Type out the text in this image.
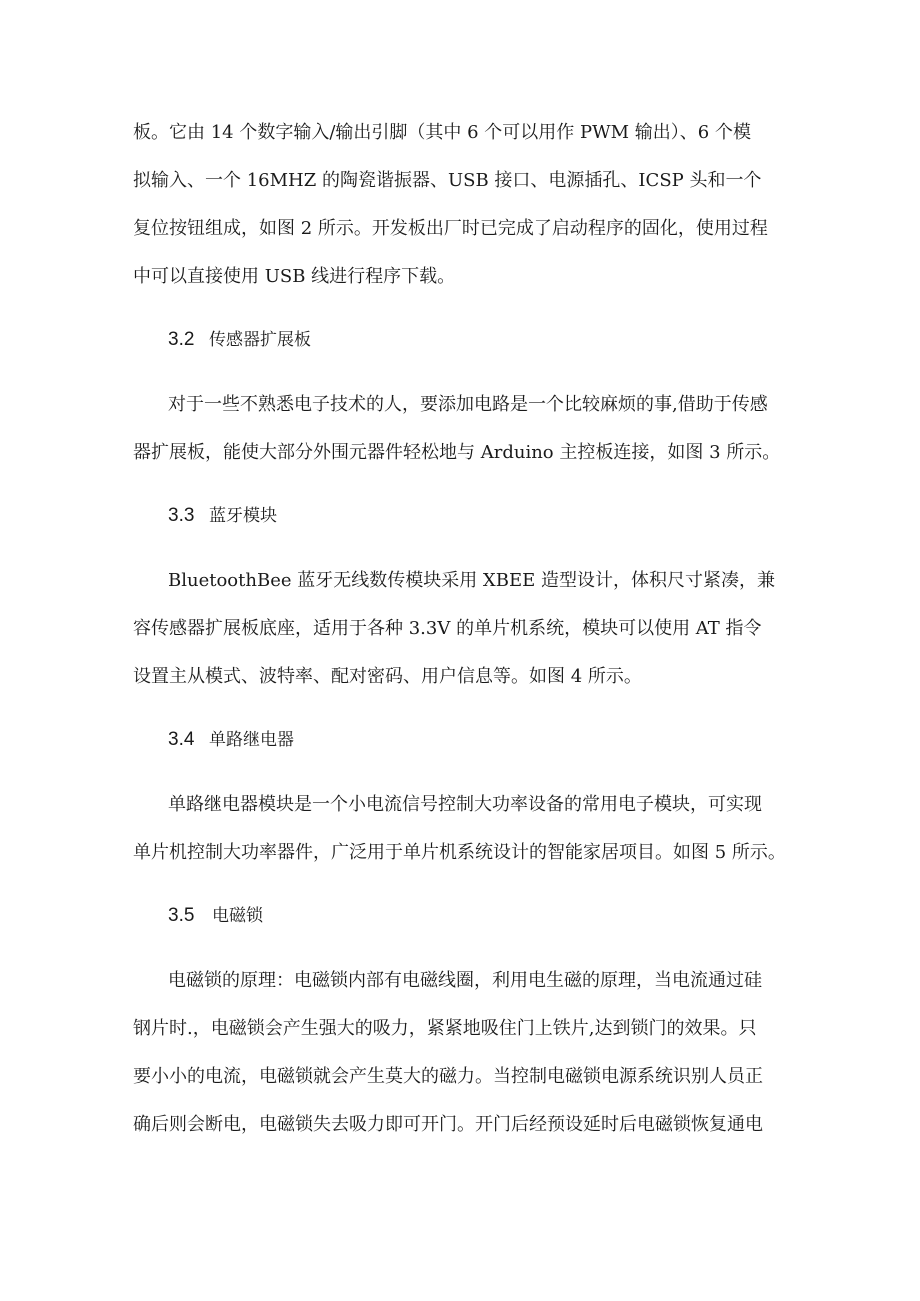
板。它由 14 个数字输入/输出引脚（其中 6 个可以用作 PWM 输出）、6 个模
拟输入、一个 16MHZ 的陶瓷谐振器、USB 接口、电源插孔、ICSP 头和一个
复位按钮组成，如图 2 所示。开发板出厂时已完成了启动程序的固化，使用过程
中可以直接使用 USB 线进行程序下载。
3.2 传感器扩展板
对于一些不熟悉电子技术的人，要添加电路是一个比较麻烦的事,借助于传感
器扩展板，能使大部分外围元器件轻松地与 Arduino 主控板连接，如图 3 所示。
3.3 蓝牙模块
BluetoothBee 蓝牙无线数传模块采用 XBEE 造型设计，体积尺寸紧凑，兼
容传感器扩展板底座，适用于各种 3.3V 的单片机系统，模块可以使用 AT 指令
设置主从模式、波特率、配对密码、用户信息等。如图 4 所示。
3.4 单路继电器
单路继电器模块是一个小电流信号控制大功率设备的常用电子模块，可实现
单片机控制大功率器件，广泛用于单片机系统设计的智能家居项目。如图 5 所示。
3.5 电磁锁
电磁锁的原理：电磁锁内部有电磁线圈，利用电生磁的原理，当电流通过硅
钢片时.，电磁锁会产生强大的吸力，紧紧地吸住门上铁片,达到锁门的效果。只
要小小的电流，电磁锁就会产生莫大的磁力。当控制电磁锁电源系统识别人员正
确后则会断电，电磁锁失去吸力即可开门。开门后经预设延时后电磁锁恢复通电
